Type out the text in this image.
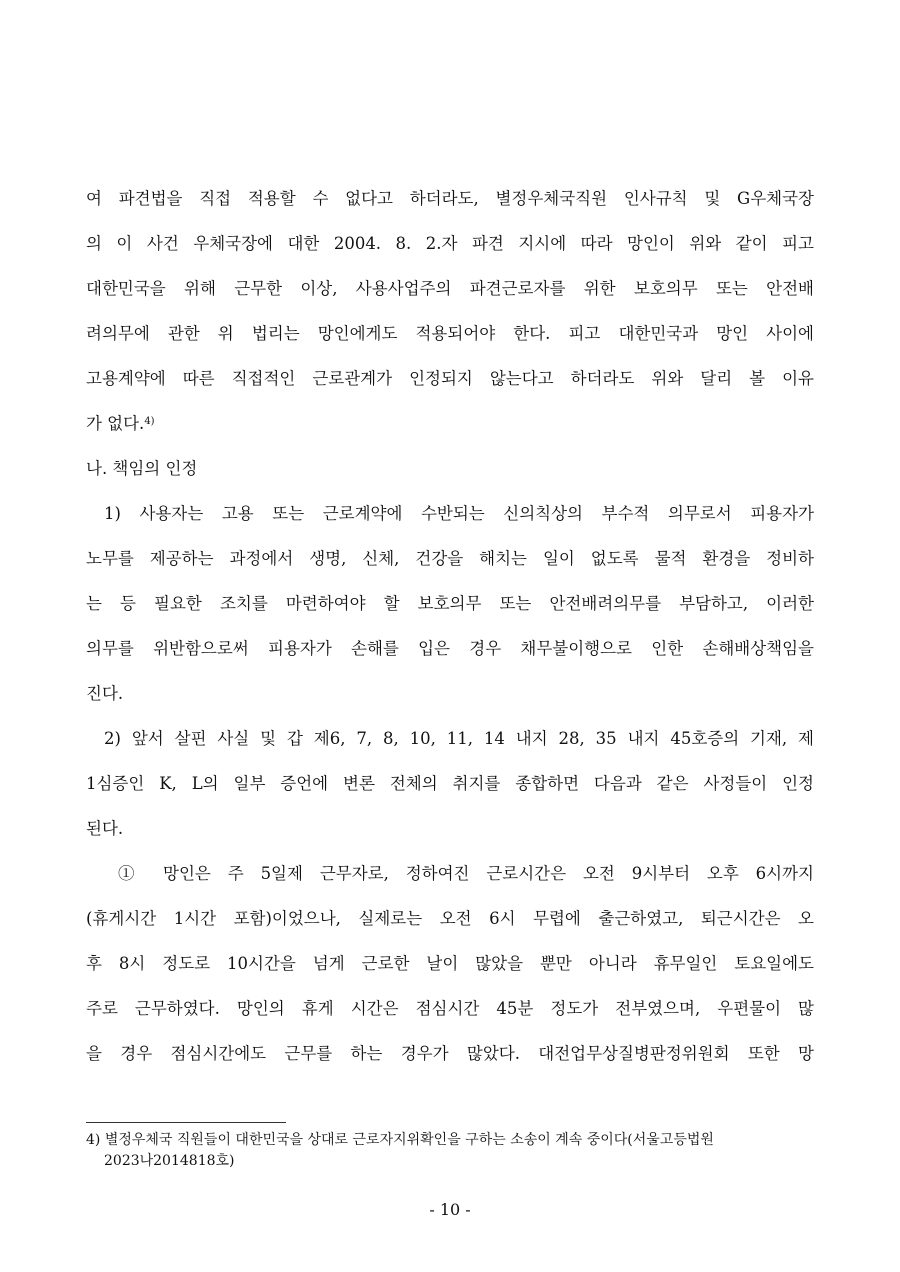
여 파견법을 직접 적용할 수 없다고 하더라도, 별정우체국직원 인사규칙 및 G우체국장
의 이 사건 우체국장에 대한 2004. 8. 2.자 파견 지시에 따라 망인이 위와 같이 피고
대한민국을 위해 근무한 이상, 사용사업주의 파견근로자를 위한 보호의무 또는 안전배
려의무에 관한 위 법리는 망인에게도 적용되어야 한다. 피고 대한민국과 망인 사이에
고용계약에 따른 직접적인 근로관계가 인정되지 않는다고 하더라도 위와 달리 볼 이유
가 없다.$^{4)}$
나. 책임의 인정
1) 사용자는 고용 또는 근로계약에 수반되는 신의칙상의 부수적 의무로서 피용자가
노무를 제공하는 과정에서 생명, 신체, 건강을 해치는 일이 없도록 물적 환경을 정비하
는 등 필요한 조치를 마련하여야 할 보호의무 또는 안전배려의무를 부담하고, 이러한
의무를 위반함으로써 피용자가 손해를 입은 경우 채무불이행으로 인한 손해배상책임을
진다.
2) 앞서 살핀 사실 및 갑 제6, 7, 8, 10, 11, 14 내지 28, 35 내지 45호증의 기재, 제
1심증인 K, L의 일부 증언에 변론 전체의 취지를 종합하면 다음과 같은 사정들이 인정
된다.
① 망인은 주 5일제 근무자로, 정하여진 근로시간은 오전 9시부터 오후 6시까지
(휴게시간 1시간 포함)이었으나, 실제로는 오전 6시 무렵에 출근하였고, 퇴근시간은 오
후 8시 정도로 10시간을 넘게 근로한 날이 많았을 뿐만 아니라 휴무일인 토요일에도
주로 근무하였다. 망인의 휴게 시간은 점심시간 45분 정도가 전부였으며, 우편물이 많
을 경우 점심시간에도 근무를 하는 경우가 많았다. 대전업무상질병판정위원회 또한 망
4) 별정우체국 직원들이 대한민국을 상대로 근로자지위확인을 구하는 소송이 계속 중이다(서울고등법원
2023나2014818호)
- 10 -
